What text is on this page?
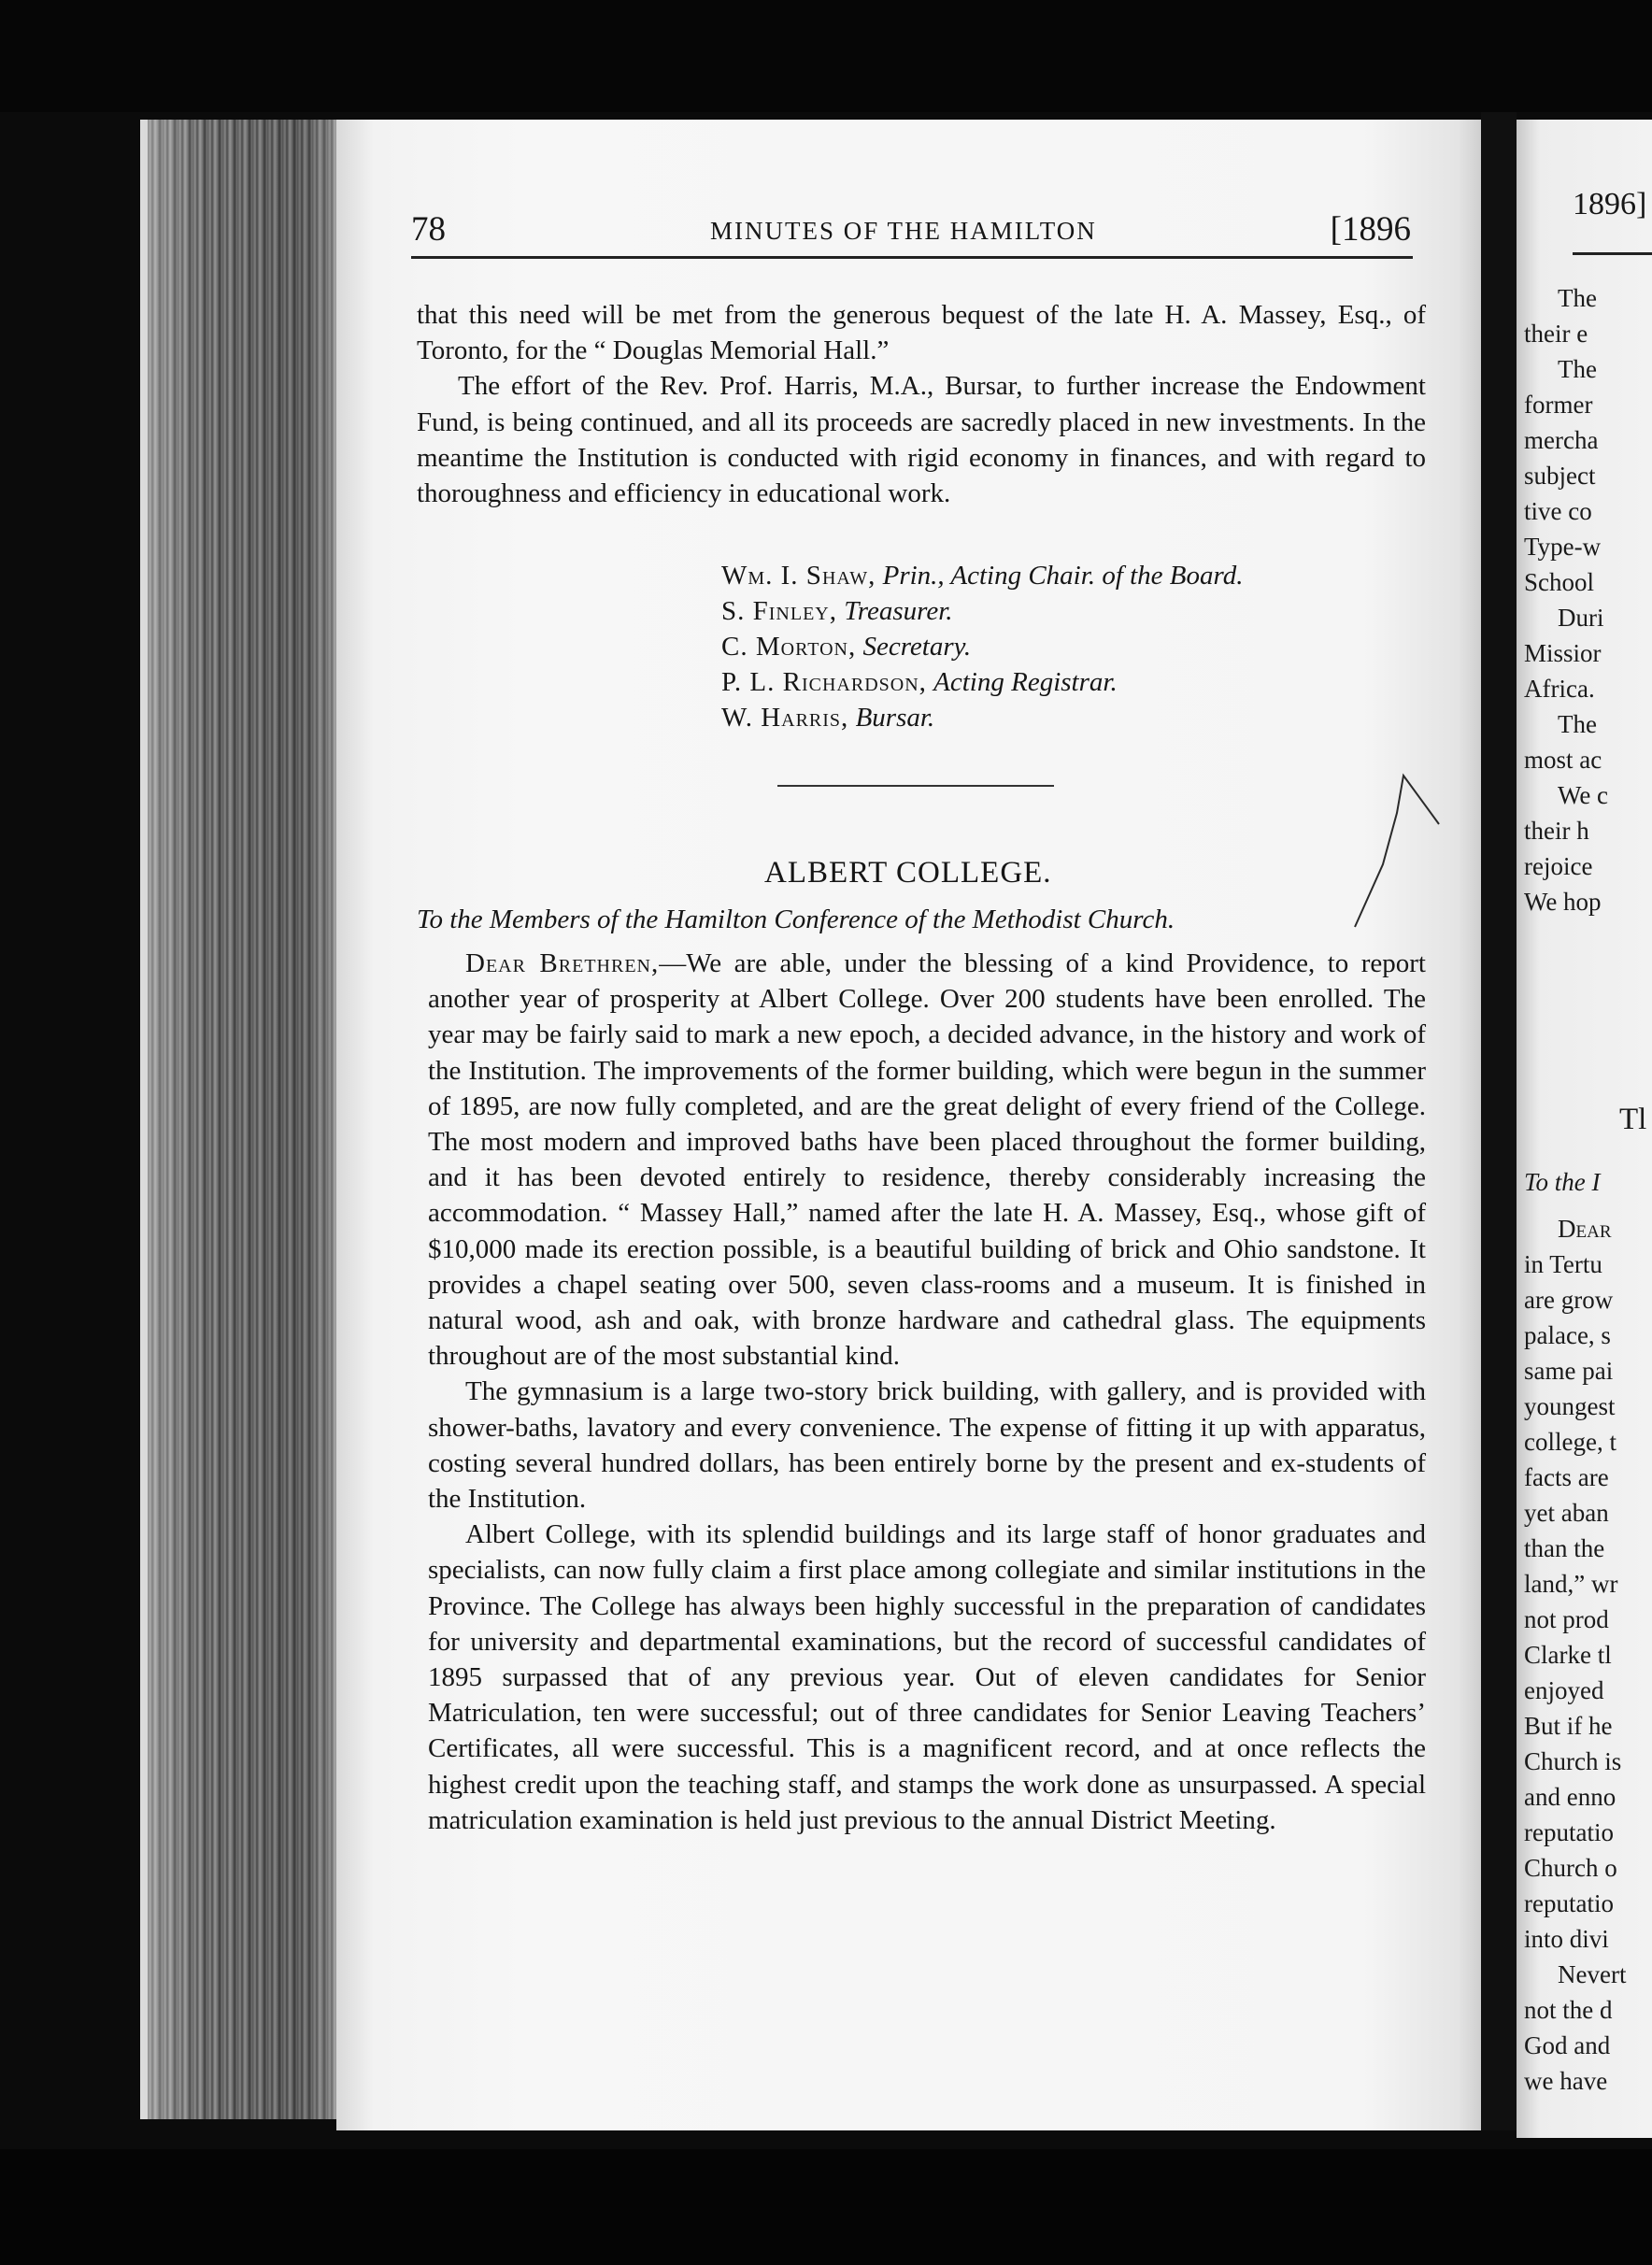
78	MINUTES OF THE HAMILTON	[1896

that this need will be met from the generous bequest of the late H. A. Massey, Esq., of Toronto, for the “ Douglas Memorial Hall.”

The effort of the Rev. Prof. Harris, M.A., Bursar, to further increase the Endowment Fund, is being continued, and all its proceeds are sacredly placed in new investments. In the meantime the Institution is conducted with rigid economy in finances, and with regard to thoroughness and efficiency in educational work.

Wm. I. Shaw, Prin., Acting Chair. of the Board.

S. Finley, Treasurer.

C. Morton, Secretary.

P. L. Richardson, Acting Registrar.

W. Harris, Bursar.

ALBERT COLLEGE.
To the Members of the Hamilton Conference of the Methodist Church.

Dear Brethren,—We are able, under the blessing of a kind Providence, to report another year of prosperity at Albert College. Over 200 students have been enrolled. The year may be fairly said to mark a new epoch, a decided advance, in the history and work of the Institution. The improvements of the former building, which were begun in the summer of 1895, are now fully completed, and are the great delight of every friend of the College. The most modern and improved baths have been placed throughout the former building, and it has been devoted entirely to residence, thereby considerably increasing the accommodation. “ Massey Hall,” named after the late H. A. Massey, Esq., whose gift of $10,000 made its erection possible, is a beautiful building of brick and Ohio sandstone. It provides a chapel seating over 500, seven class-rooms and a museum. It is finished in natural wood, ash and oak, with bronze hardware and cathedral glass. The equipments throughout are of the most substantial kind.

The gymnasium is a large two-story brick building, with gallery, and is provided with shower-baths, lavatory and every convenience. The expense of fitting it up with apparatus, costing several hundred dollars, has been entirely borne by the present and ex-students of the Institution.

Albert College, with its splendid buildings and its large staff of honor graduates and specialists, can now fully claim a first place among collegiate and similar institutions in the Province. The College has always been highly successful in the preparation of candidates for university and departmental examinations, but the record of successful candidates of 1895 surpassed that of any previous year. Out of eleven candidates for Senior Matriculation, ten were successful; out of three candidates for Senior Leaving Teachers’ Certificates, all were successful. This is a magnificent record, and at once reflects the highest credit upon the teaching staff, and stamps the work done as unsurpassed. A special matriculation examination is held just previous to the annual District Meeting.

1896]
The
their e
The
former
mercha
subject
tive co
Type-w
School
Duri
Missior
Africa.
The
most ac
We c
their h
rejoice
We hop
Tl
To the I
Dear
in Tertu
are grow
palace, s
same pai
youngest
college, t
facts are
yet aban
than the
land,” wr
not prod
Clarke tl
enjoyed
But if he
Church is
and enno
reputatio
Church o
reputatio
into divi
Nevert
not the d
God and
we have
